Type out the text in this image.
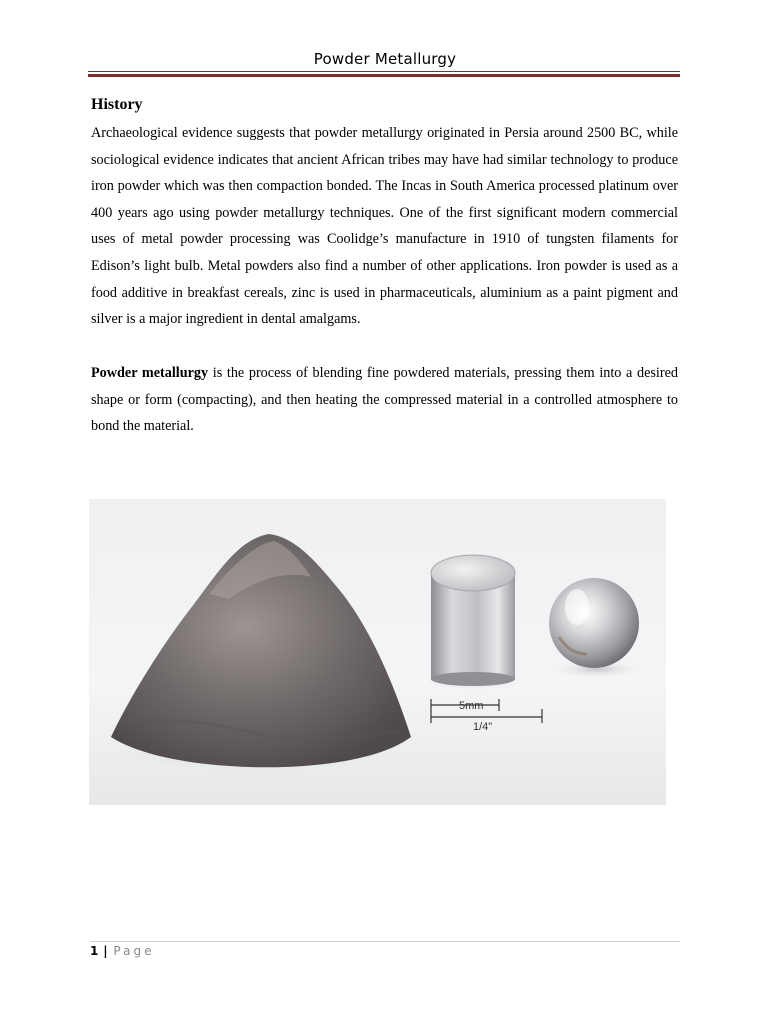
Powder Metallurgy
History

Archaeological evidence suggests that powder metallurgy originated in Persia around 2500 BC, while sociological evidence indicates that ancient African tribes may have had similar technology to produce iron powder which was then compaction bonded. The Incas in South America processed platinum over 400 years ago using powder metallurgy techniques. One of the first significant modern commercial uses of metal powder processing was Coolidge’s manufacture in 1910 of tungsten filaments for Edison’s light bulb. Metal powders also find a number of other applications. Iron powder is used as a food additive in breakfast cereals, zinc is used in pharmaceuticals, aluminium as a paint pigment and silver is a major ingredient in dental amalgams.

Powder metallurgy is the process of blending fine powdered materials, pressing them into a desired shape or form (compacting), and then heating the compressed material in a controlled atmosphere to bond the material.

5mm
1/4"
1 | Page
